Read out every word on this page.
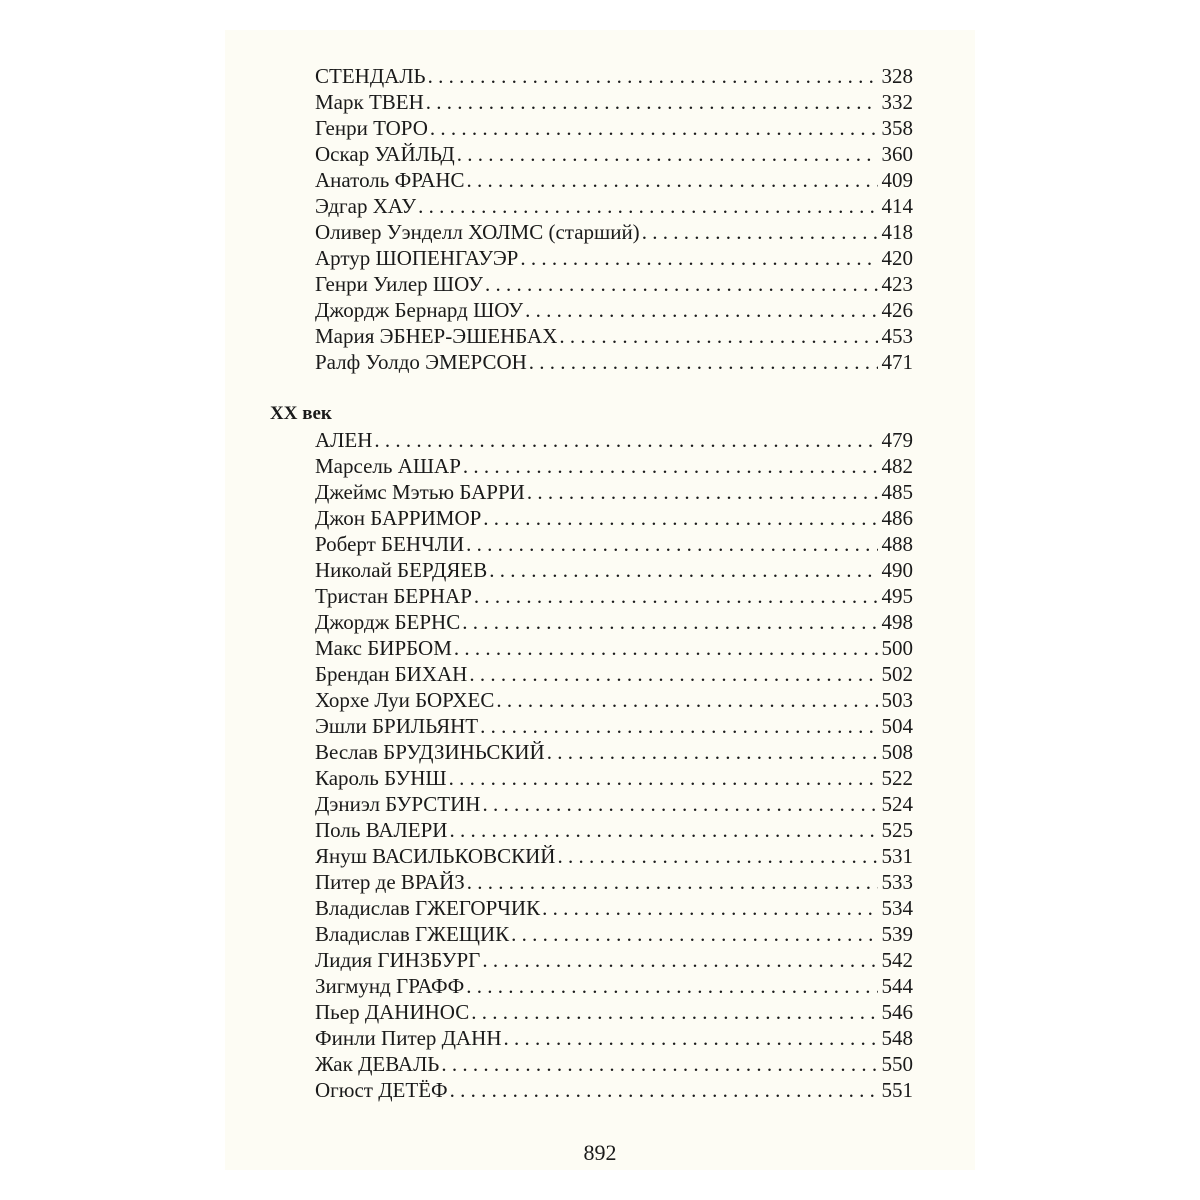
СТЕНДАЛЬ . . .	328
Марк ТВЕН . . .	332
Генри ТОРО . . .	358
Оскар УАЙЛЬД . . .	360
Анатоль ФРАНС . . .	409
Эдгар ХАУ . . .	414
Оливер Уэнделл ХОЛМС (старший) . . .	418
Артур ШОПЕНГАУЭР . . .	420
Генри Уилер ШОУ . . .	423
Джордж Бернард ШОУ . . .	426
Мария ЭБНЕР-ЭШЕНБАХ . . .	453
Ралф Уолдо ЭМЕРСОН . . .	471
XX век
АЛЕН . . .	479
Марсель АШАР . . .	482
Джеймс Мэтью БАРРИ . . .	485
Джон БАРРИМОР . . .	486
Роберт БЕНЧЛИ . . .	488
Николай БЕРДЯЕВ . . .	490
Тристан БЕРНАР . . .	495
Джордж БЕРНС . . .	498
Макс БИРБОМ . . .	500
Брендан БИХАН . . .	502
Хорхе Луи БОРХЕС . . .	503
Эшли БРИЛЬЯНТ . . .	504
Веслав БРУДЗИНЬСКИЙ . . .	508
Кароль БУНШ . . .	522
Дэниэл БУРСТИН . . .	524
Поль ВАЛЕРИ . . .	525
Януш ВАСИЛЬКОВСКИЙ . . .	531
Питер де ВРАЙЗ . . .	533
Владислав ГЖЕГОРЧИК . . .	534
Владислав ГЖЕЩИК . . .	539
Лидия ГИНЗБУРГ . . .	542
Зигмунд ГРАФФ . . .	544
Пьер ДАНИНОС . . .	546
Финли Питер ДАНН . . .	548
Жак ДЕВАЛЬ . . .	550
Огюст ДЕТЁФ . . .	551
892
